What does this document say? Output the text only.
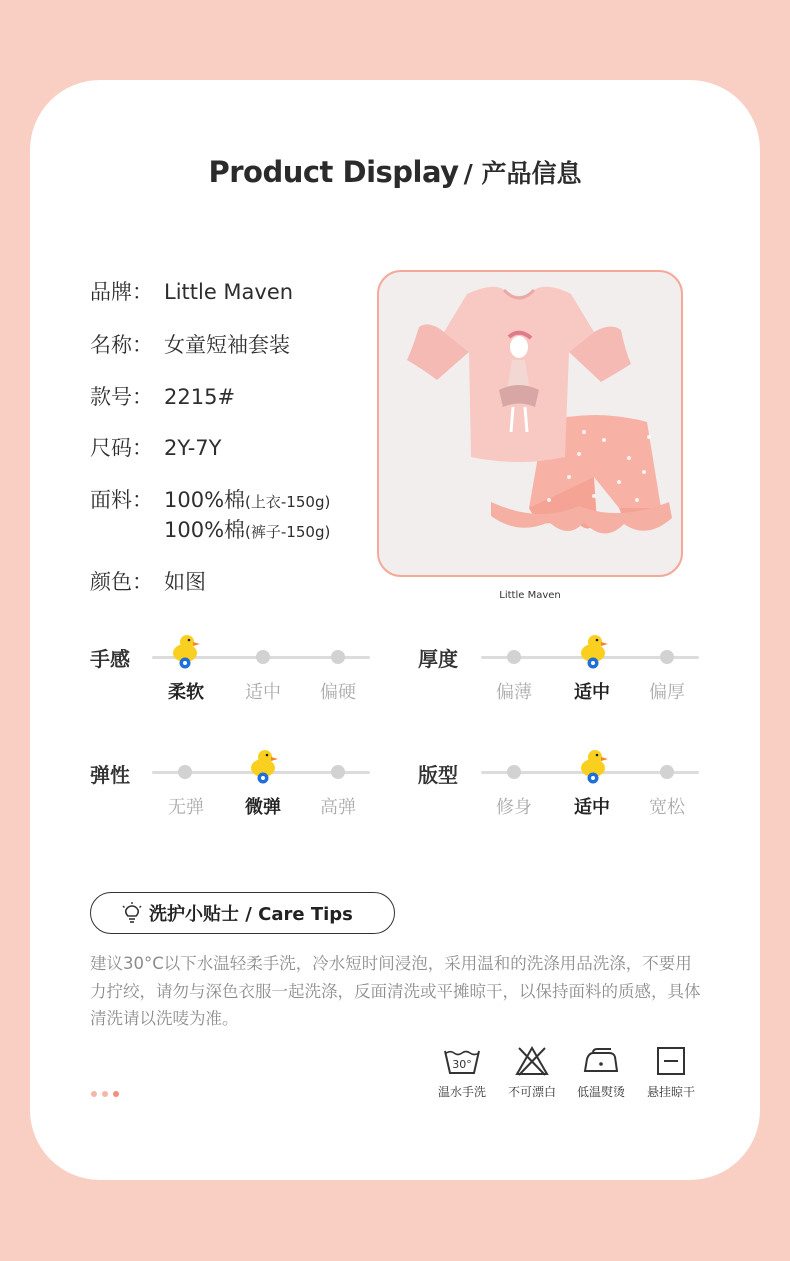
Product Display / 产品信息
品牌： Little Maven
名称： 女童短袖套装
款号： 2215#
尺码： 2Y-7Y
面料： 100%棉(上衣-150g)
100%棉(裤子-150g)
颜色： 如图
Little Maven
手感
柔软	适中	偏硬
厚度
偏薄	适中	偏厚
弹性
无弹	微弹	高弹
版型
修身	适中	宽松
洗护小贴士 / Care Tips
建议30°C以下水温轻柔手洗，冷水短时间浸泡，采用温和的洗涤用品洗涤，不要用力拧绞，请勿与深色衣服一起洗涤，反面清洗或平摊晾干，以保持面料的质感，具体清洗请以洗唛为准。
30°
温水手洗	不可漂白	低温熨烫	悬挂晾干
